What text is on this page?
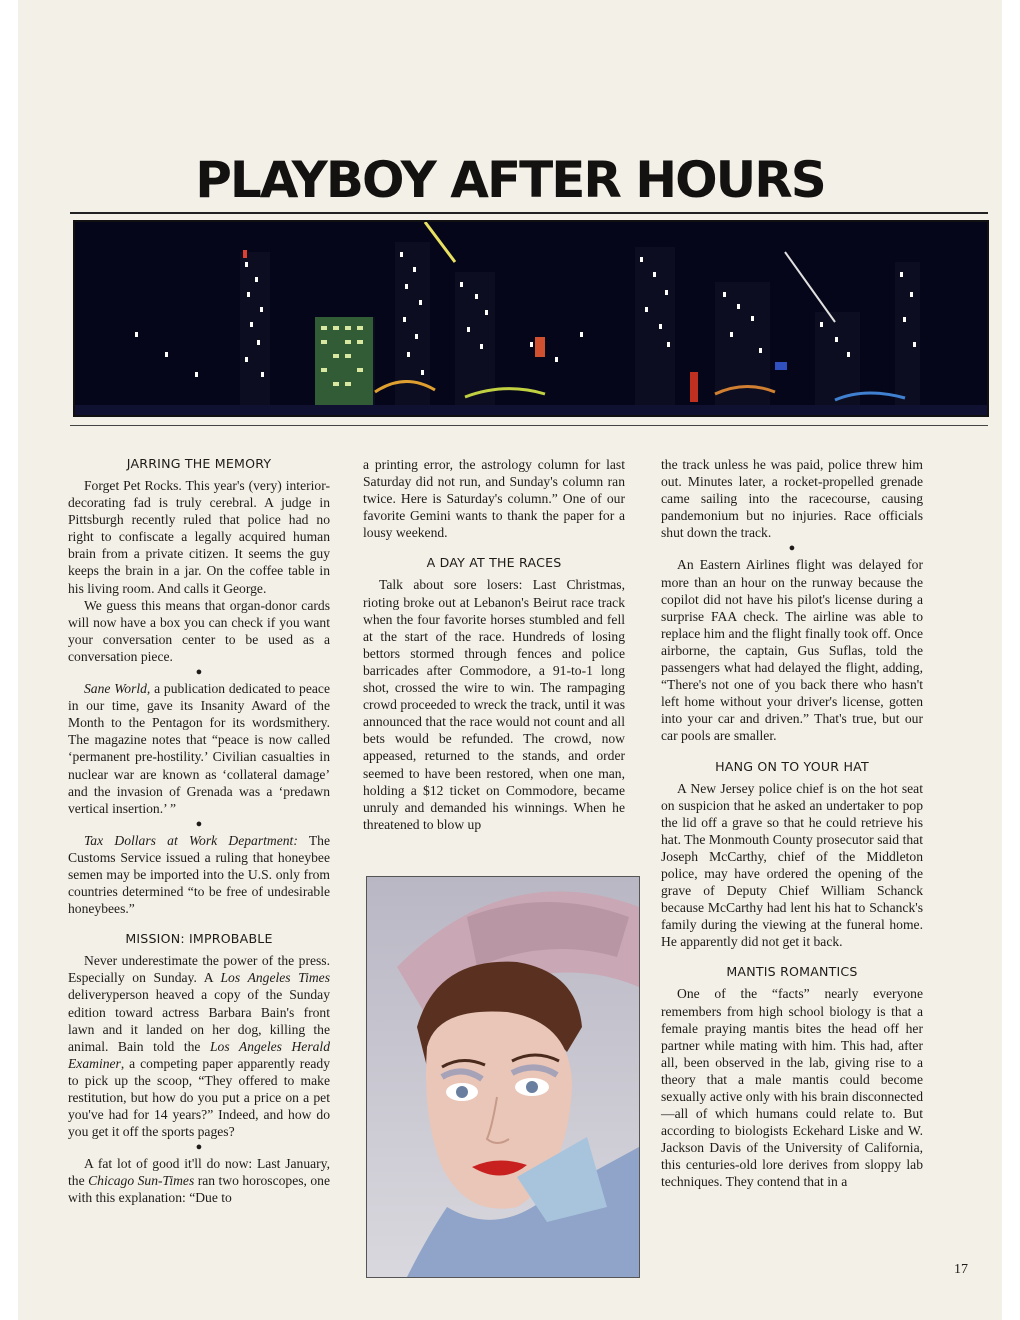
PLAYBOY AFTER HOURS
JARRING THE MEMORY

Forget Pet Rocks. This year's (very) interior-decorating fad is truly cerebral. A judge in Pittsburgh recently ruled that police had no right to confiscate a legally acquired human brain from a private citizen. It seems the guy keeps the brain in a jar. On the coffee table in his living room. And calls it George.

We guess this means that organ-donor cards will now have a box you can check if you want your conversation center to be used as a conversation piece.

●

Sane World, a publication dedicated to peace in our time, gave its Insanity Award of the Month to the Pentagon for its wordsmithery. The magazine notes that “peace is now called ‘permanent pre-hostility.’ Civilian casualties in nuclear war are known as ‘collateral damage’ and the invasion of Grenada was a ‘predawn vertical insertion.’ ”

●

Tax Dollars at Work Department: The Customs Service issued a ruling that honeybee semen may be imported into the U.S. only from countries determined “to be free of undesirable honeybees.”

MISSION: IMPROBABLE

Never underestimate the power of the press. Especially on Sunday. A Los Angeles Times deliveryperson heaved a copy of the Sunday edition toward actress Barbara Bain's front lawn and it landed on her dog, killing the animal. Bain told the Los Angeles Herald Examiner, a competing paper apparently ready to pick up the scoop, “They offered to make restitution, but how do you put a price on a pet you've had for 14 years?” Indeed, and how do you get it off the sports pages?

●

A fat lot of good it'll do now: Last January, the Chicago Sun-Times ran two horoscopes, one with this explanation: “Due to

a printing error, the astrology column for last Saturday did not run, and Sunday's column ran twice. Here is Saturday's column.” One of our favorite Gemini wants to thank the paper for a lousy weekend.

A DAY AT THE RACES

Talk about sore losers: Last Christmas, rioting broke out at Lebanon's Beirut race track when the four favorite horses stumbled and fell at the start of the race. Hundreds of losing bettors stormed through fences and police barricades after Commodore, a 91-to-1 long shot, crossed the wire to win. The rampaging crowd proceeded to wreck the track, until it was announced that the race would not count and all bets would be refunded. The crowd, now appeased, returned to the stands, and order seemed to have been restored, when one man, holding a $12 ticket on Commodore, became unruly and demanded his winnings. When he threatened to blow up

the track unless he was paid, police threw him out. Minutes later, a rocket-propelled grenade came sailing into the racecourse, causing pandemonium but no injuries. Race officials shut down the track.

●

An Eastern Airlines flight was delayed for more than an hour on the runway because the copilot did not have his pilot's license during a surprise FAA check. The airline was able to replace him and the flight finally took off. Once airborne, the captain, Gus Suflas, told the passengers what had delayed the flight, adding, “There's not one of you back there who hasn't left home without your driver's license, gotten into your car and driven.” That's true, but our car pools are smaller.

HANG ON TO YOUR HAT

A New Jersey police chief is on the hot seat on suspicion that he asked an undertaker to pop the lid off a grave so that he could retrieve his hat. The Monmouth County prosecutor said that Joseph McCarthy, chief of the Middleton police, may have ordered the opening of the grave of Deputy Chief William Schanck because McCarthy had lent his hat to Schanck's family during the viewing at the funeral home. He apparently did not get it back.

MANTIS ROMANTICS

One of the “facts” nearly everyone remembers from high school biology is that a female praying mantis bites the head off her partner while mating with him. This had, after all, been observed in the lab, giving rise to a theory that a male mantis could become sexually active only with his brain disconnected—all of which humans could relate to. But according to biologists Eckehard Liske and W. Jackson Davis of the University of California, this centuries-old lore derives from sloppy lab techniques. They contend that in a

17
